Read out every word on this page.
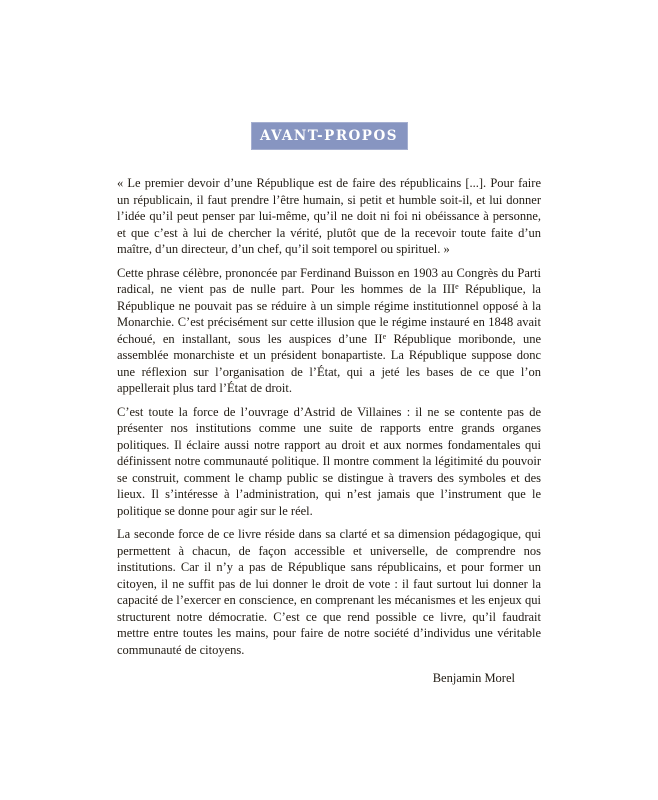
AVANT-PROPOS

« Le premier devoir d’une République est de faire des républicains [...]. Pour faire un républicain, il faut prendre l’être humain, si petit et humble soit-il, et lui donner l’idée qu’il peut penser par lui-même, qu’il ne doit ni foi ni obéissance à personne, et que c’est à lui de chercher la vérité, plutôt que de la recevoir toute faite d’un maître, d’un directeur, d’un chef, qu’il soit temporel ou spirituel. »

Cette phrase célèbre, prononcée par Ferdinand Buisson en 1903 au Congrès du Parti radical, ne vient pas de nulle part. Pour les hommes de la IIIe République, la République ne pouvait pas se réduire à un simple régime institutionnel opposé à la Monarchie. C’est précisément sur cette illusion que le régime instauré en 1848 avait échoué, en installant, sous les auspices d’une IIe République moribonde, une assemblée monarchiste et un président bonapartiste. La République suppose donc une réflexion sur l’organisation de l’État, qui a jeté les bases de ce que l’on appellerait plus tard l’État de droit.

C’est toute la force de l’ouvrage d’Astrid de Villaines : il ne se contente pas de présenter nos institutions comme une suite de rapports entre grands organes politiques. Il éclaire aussi notre rapport au droit et aux normes fondamentales qui définissent notre communauté politique. Il montre comment la légitimité du pouvoir se construit, comment le champ public se distingue à travers des symboles et des lieux. Il s’intéresse à l’administration, qui n’est jamais que l’instrument que le politique se donne pour agir sur le réel.

La seconde force de ce livre réside dans sa clarté et sa dimension pédagogique, qui permettent à chacun, de façon accessible et universelle, de comprendre nos institutions. Car il n’y a pas de République sans républicains, et pour former un citoyen, il ne suffit pas de lui donner le droit de vote : il faut surtout lui donner la capacité de l’exercer en conscience, en comprenant les mécanismes et les enjeux qui structurent notre démocratie. C’est ce que rend possible ce livre, qu’il faudrait mettre entre toutes les mains, pour faire de notre société d’individus une véritable communauté de citoyens.

Benjamin Morel
